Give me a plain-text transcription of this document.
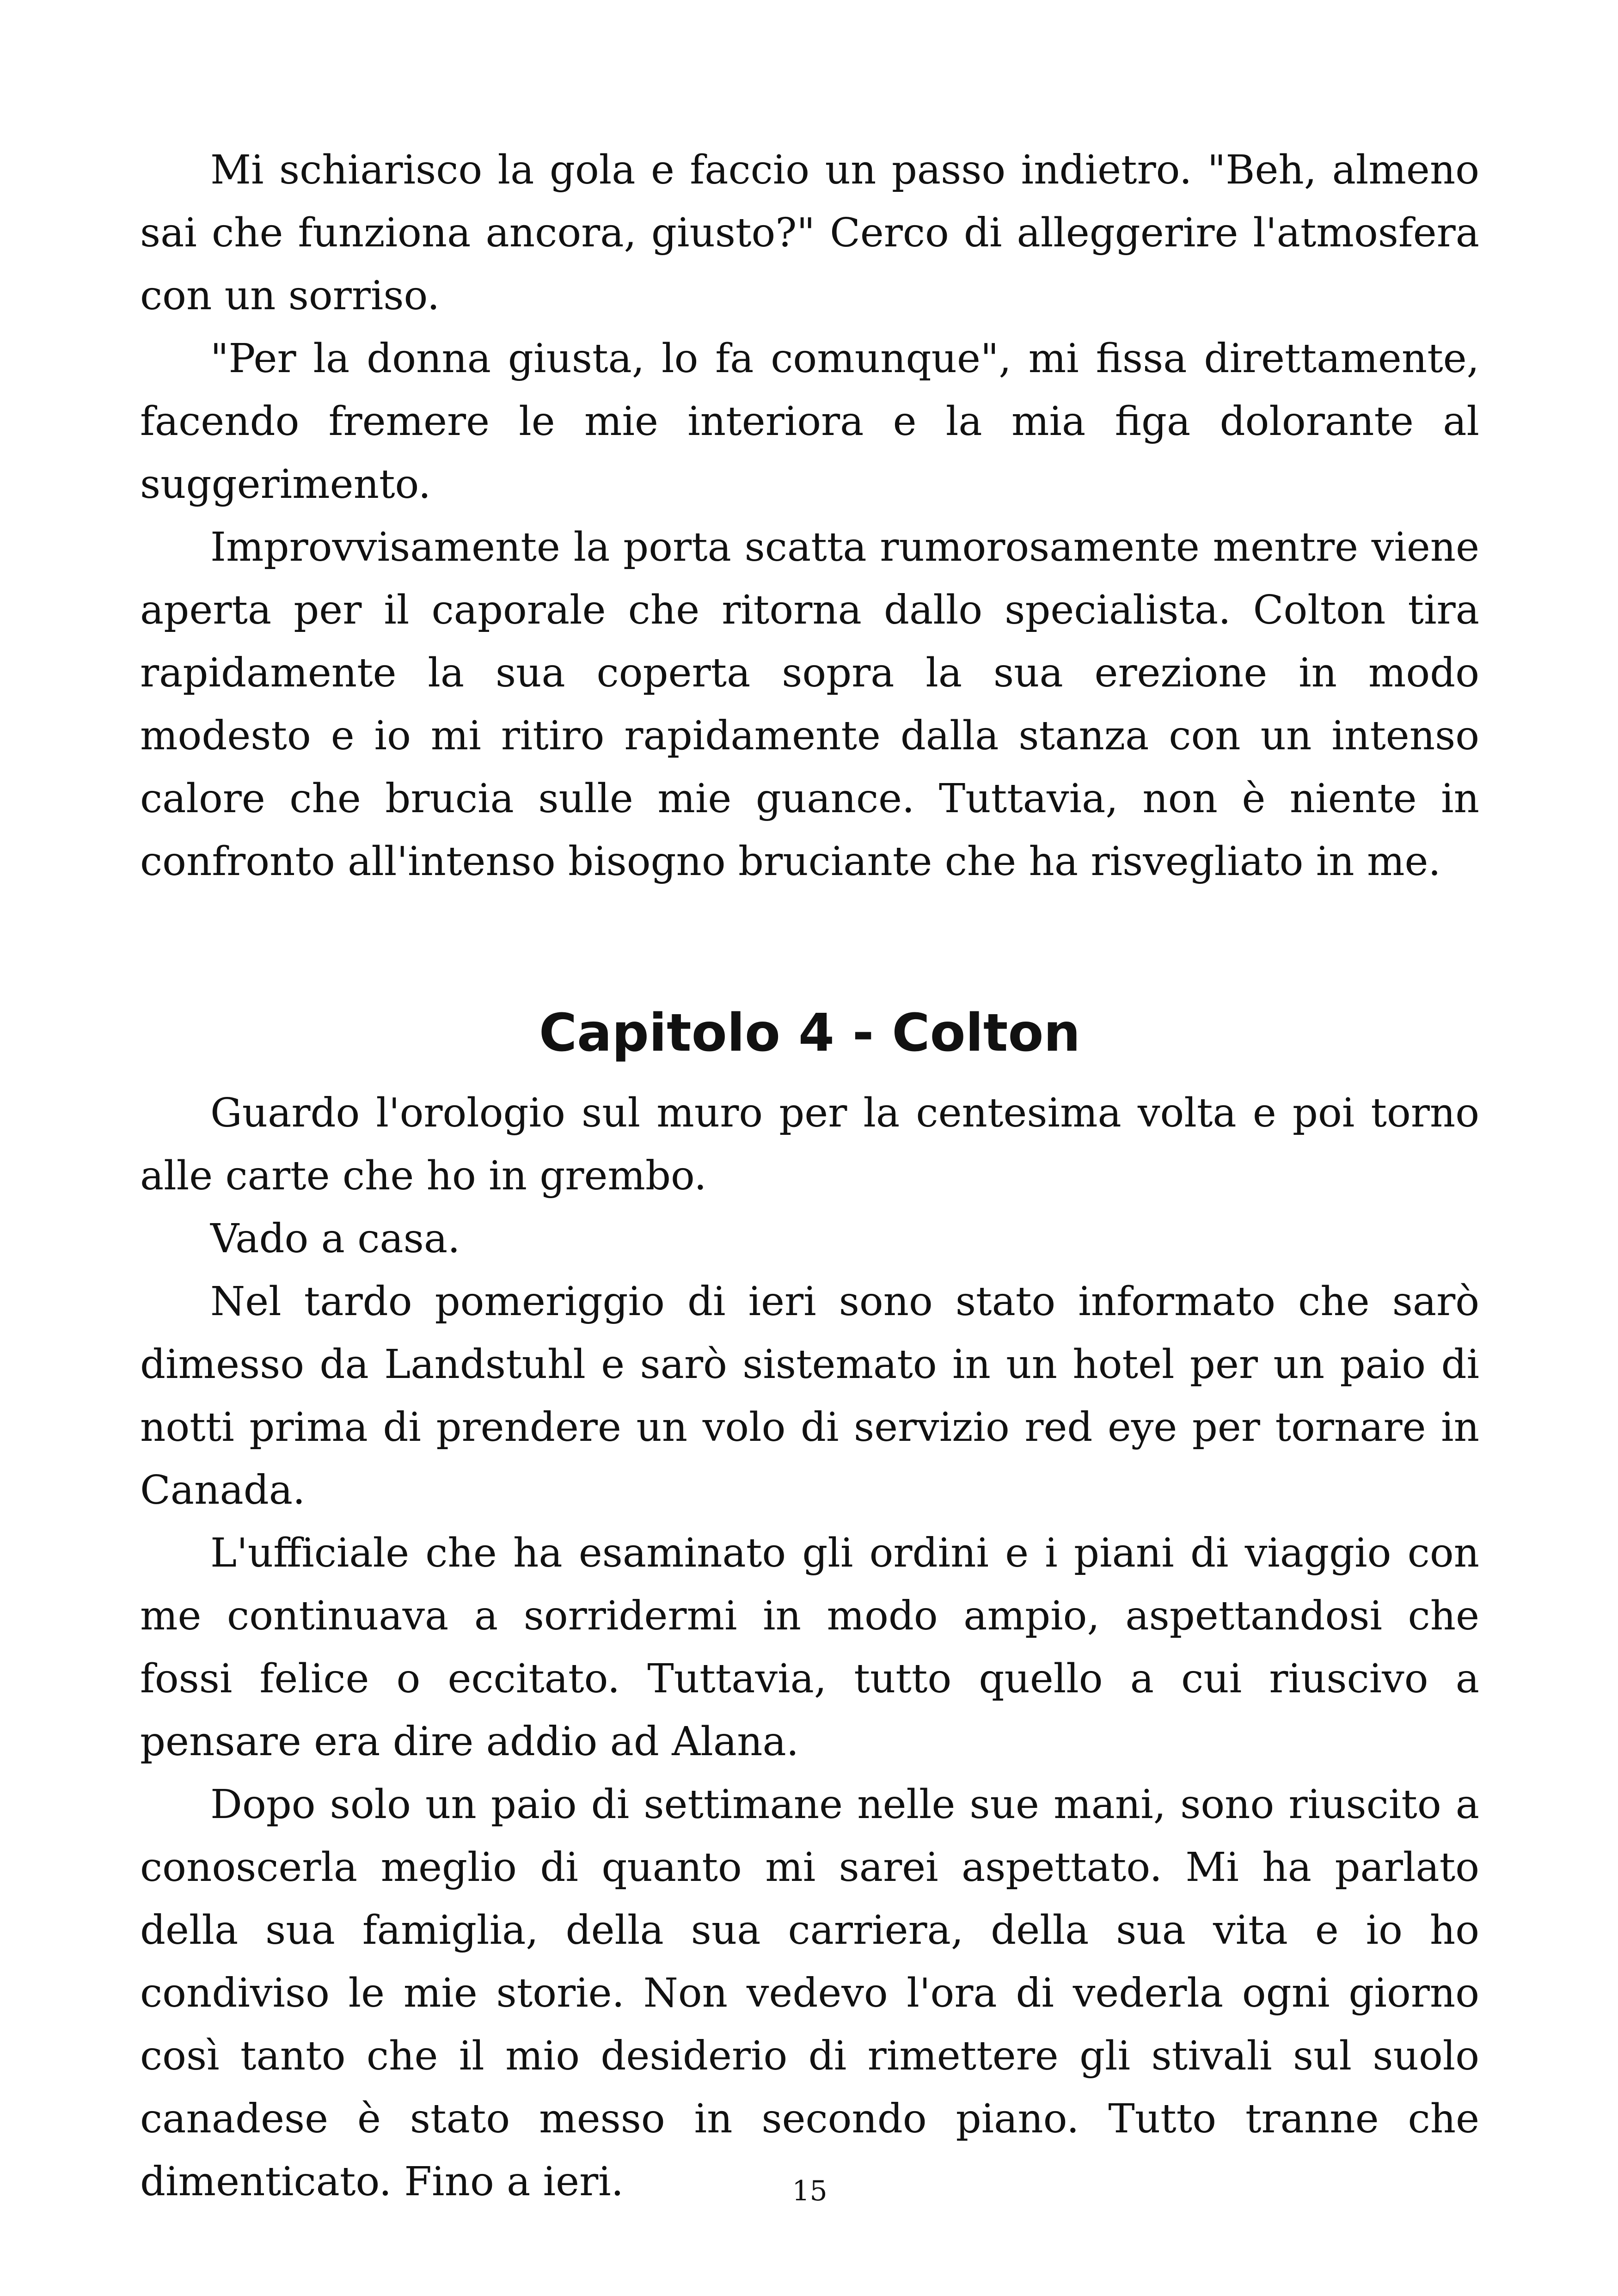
Mi schiarisco la gola e faccio un passo indietro. "Beh, almeno sai che funziona ancora, giusto?" Cerco di alleggerire l'atmosfera con un sorriso.

"Per la donna giusta, lo fa comunque", mi fissa direttamente, facendo fremere le mie interiora e la mia figa dolorante al suggerimento.

Improvvisamente la porta scatta rumorosamente mentre viene aperta per il caporale che ritorna dallo specialista. Colton tira rapidamente la sua coperta sopra la sua erezione in modo modesto e io mi ritiro rapidamente dalla stanza con un intenso calore che brucia sulle mie guance. Tuttavia, non è niente in confronto all'intenso bisogno bruciante che ha risvegliato in me.

Capitolo 4 - Colton

Guardo l'orologio sul muro per la centesima volta e poi torno alle carte che ho in grembo.

Vado a casa.

Nel tardo pomeriggio di ieri sono stato informato che sarò dimesso da Landstuhl e sarò sistemato in un hotel per un paio di notti prima di prendere un volo di servizio red eye per tornare in Canada.

L'ufficiale che ha esaminato gli ordini e i piani di viaggio con me continuava a sorridermi in modo ampio, aspettandosi che fossi felice o eccitato. Tuttavia, tutto quello a cui riuscivo a pensare era dire addio ad Alana.

Dopo solo un paio di settimane nelle sue mani, sono riuscito a conoscerla meglio di quanto mi sarei aspettato. Mi ha parlato della sua famiglia, della sua carriera, della sua vita e io ho condiviso le mie storie. Non vedevo l'ora di vederla ogni giorno così tanto che il mio desiderio di rimettere gli stivali sul suolo canadese è stato messo in secondo piano. Tutto tranne che dimenticato. Fino a ieri.	15
